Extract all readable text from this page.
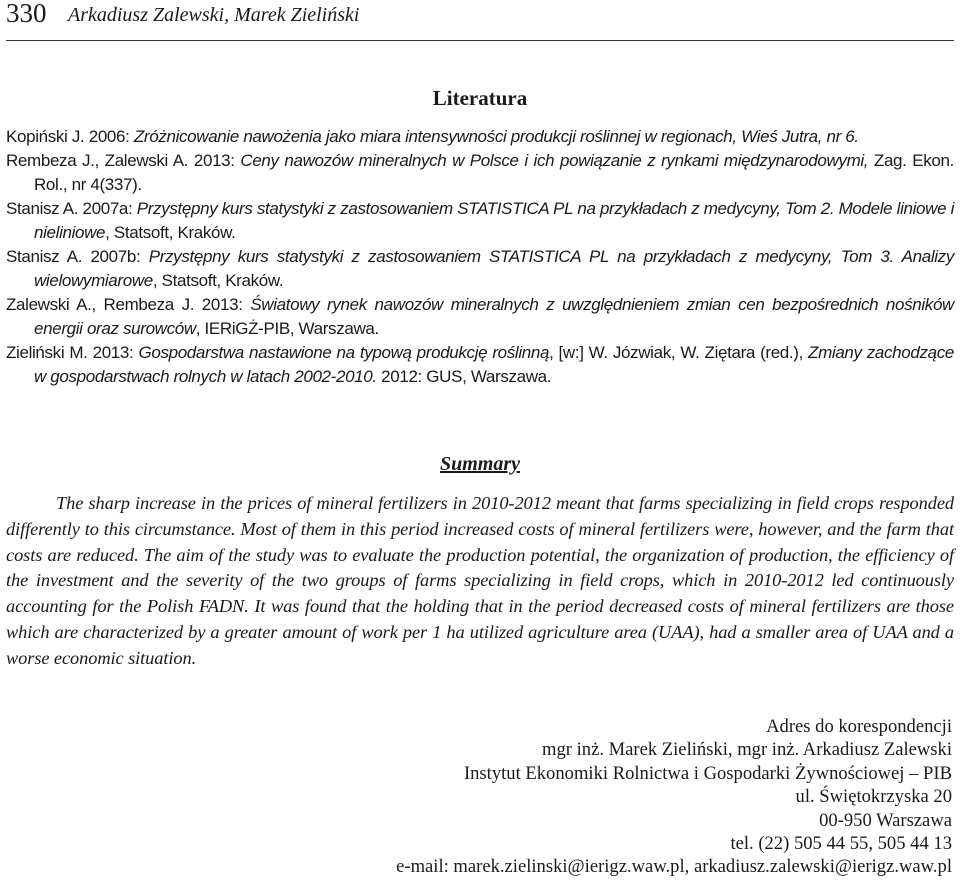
330 Arkadiusz Zalewski, Marek Zieliński
Literatura
Kopiński J. 2006: Zróżnicowanie nawożenia jako miara intensywności produkcji roślinnej w regionach, Wieś Jutra, nr 6.
Rembeza J., Zalewski A. 2013: Ceny nawozów mineralnych w Polsce i ich powiązanie z rynkami międzynarodowymi, Zag. Ekon. Rol., nr 4(337).
Stanisz A. 2007a: Przystępny kurs statystyki z zastosowaniem STATISTICA PL na przykładach z medycyny, Tom 2. Modele liniowe i nieliniowe, Statsoft, Kraków.
Stanisz A. 2007b: Przystępny kurs statystyki z zastosowaniem STATISTICA PL na przykładach z medycyny, Tom 3. Analizy wielowymiarowe, Statsoft, Kraków.
Zalewski A., Rembeza J. 2013: Światowy rynek nawozów mineralnych z uwzględnieniem zmian cen bezpośrednich nośników energii oraz surowców, IERiGŻ-PIB, Warszawa.
Zieliński M. 2013: Gospodarstwa nastawione na typową produkcję roślinną, [w:] W. Józwiak, W. Ziętara (red.), Zmiany zachodzące w gospodarstwach rolnych w latach 2002-2010. 2012: GUS, Warszawa.
Summary

The sharp increase in the prices of mineral fertilizers in 2010-2012 meant that farms specializing in field crops responded differently to this circumstance. Most of them in this period increased costs of mineral fertilizers were, however, and the farm that costs are reduced. The aim of the study was to evaluate the production potential, the organization of production, the efficiency of the investment and the severity of the two groups of farms specializing in field crops, which in 2010-2012 led continuously accounting for the Polish FADN. It was found that the holding that in the period decreased costs of mineral fertilizers are those which are characterized by a greater amount of work per 1 ha utilized agriculture area (UAA), had a smaller area of UAA and a worse economic situation.

Adres do korespondencji
mgr inż. Marek Zieliński, mgr inż. Arkadiusz Zalewski
Instytut Ekonomiki Rolnictwa i Gospodarki Żywnościowej – PIB
ul. Świętokrzyska 20
00-950 Warszawa
tel. (22) 505 44 55, 505 44 13
e-mail: marek.zielinski@ierigz.waw.pl, arkadiusz.zalewski@ierigz.waw.pl
